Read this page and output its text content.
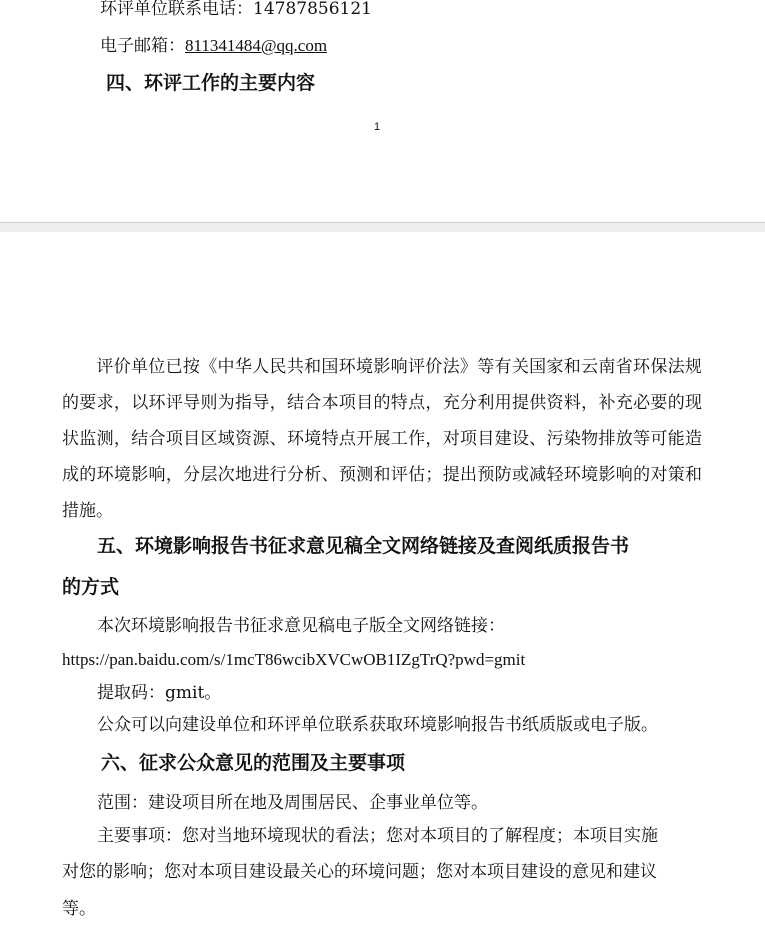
环评单位联系电话：14787856121
电子邮箱：811341484@qq.com
四、环评工作的主要内容
1
评价单位已按《中华人民共和国环境影响评价法》等有关国家和云南省环保法规的要求，以环评导则为指导，结合本项目的特点，充分利用提供资料，补充必要的现状监测，结合项目区域资源、环境特点开展工作，对项目建设、污染物排放等可能造成的环境影响，分层次地进行分析、预测和评估；提出预防或减轻环境影响的对策和措施。
五、环境影响报告书征求意见稿全文网络链接及查阅纸质报告书
的方式
本次环境影响报告书征求意见稿电子版全文网络链接：
https://pan.baidu.com/s/1mcT86wcibXVCwOB1IZgTrQ?pwd=gmit
提取码：gmit。
公众可以向建设单位和环评单位联系获取环境影响报告书纸质版或电子版。
六、征求公众意见的范围及主要事项
范围：建设项目所在地及周围居民、企事业单位等。
主要事项：您对当地环境现状的看法；您对本项目的了解程度；本项目实施
对您的影响；您对本项目建设最关心的环境问题；您对本项目建设的意见和建议
等。
